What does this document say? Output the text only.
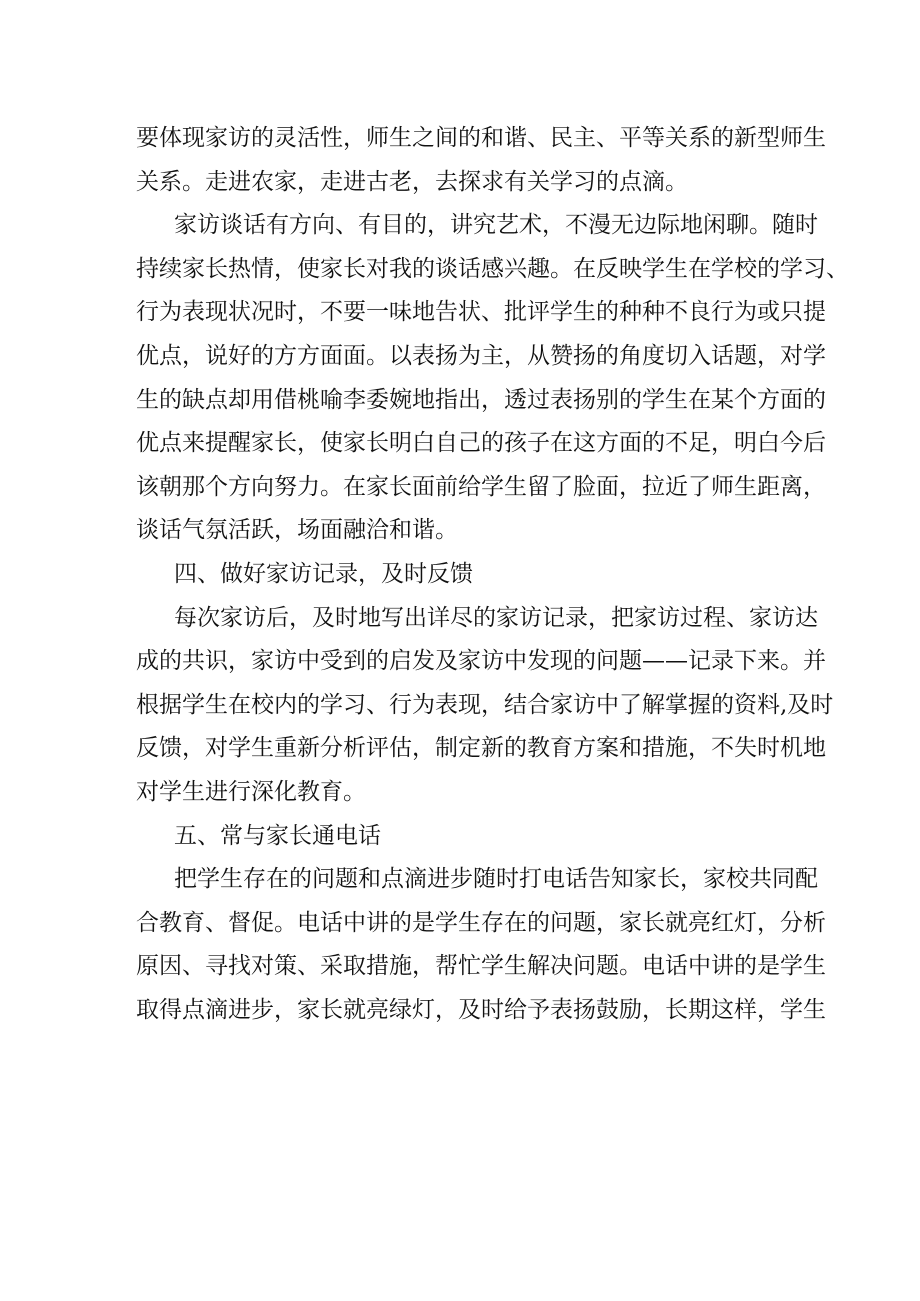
要体现家访的灵活性，师生之间的和谐、民主、平等关系的新型师生
关系。走进农家，走进古老，去探求有关学习的点滴。
家访谈话有方向、有目的，讲究艺术，不漫无边际地闲聊。随时
持续家长热情，使家长对我的谈话感兴趣。在反映学生在学校的学习、
行为表现状况时，不要一味地告状、批评学生的种种不良行为或只提
优点，说好的方方面面。以表扬为主，从赞扬的角度切入话题，对学
生的缺点却用借桃喻李委婉地指出，透过表扬别的学生在某个方面的
优点来提醒家长，使家长明白自己的孩子在这方面的不足，明白今后
该朝那个方向努力。在家长面前给学生留了脸面，拉近了师生距离，
谈话气氛活跃，场面融洽和谐。
四、做好家访记录，及时反馈
每次家访后，及时地写出详尽的家访记录，把家访过程、家访达
成的共识，家访中受到的启发及家访中发现的问题——记录下来。并
根据学生在校内的学习、行为表现，结合家访中了解掌握的资料,及时
反馈，对学生重新分析评估，制定新的教育方案和措施，不失时机地
对学生进行深化教育。
五、常与家长通电话
把学生存在的问题和点滴进步随时打电话告知家长，家校共同配
合教育、督促。电话中讲的是学生存在的问题，家长就亮红灯，分析
原因、寻找对策、采取措施，帮忙学生解决问题。电话中讲的是学生
取得点滴进步，家长就亮绿灯，及时给予表扬鼓励，长期这样，学生
